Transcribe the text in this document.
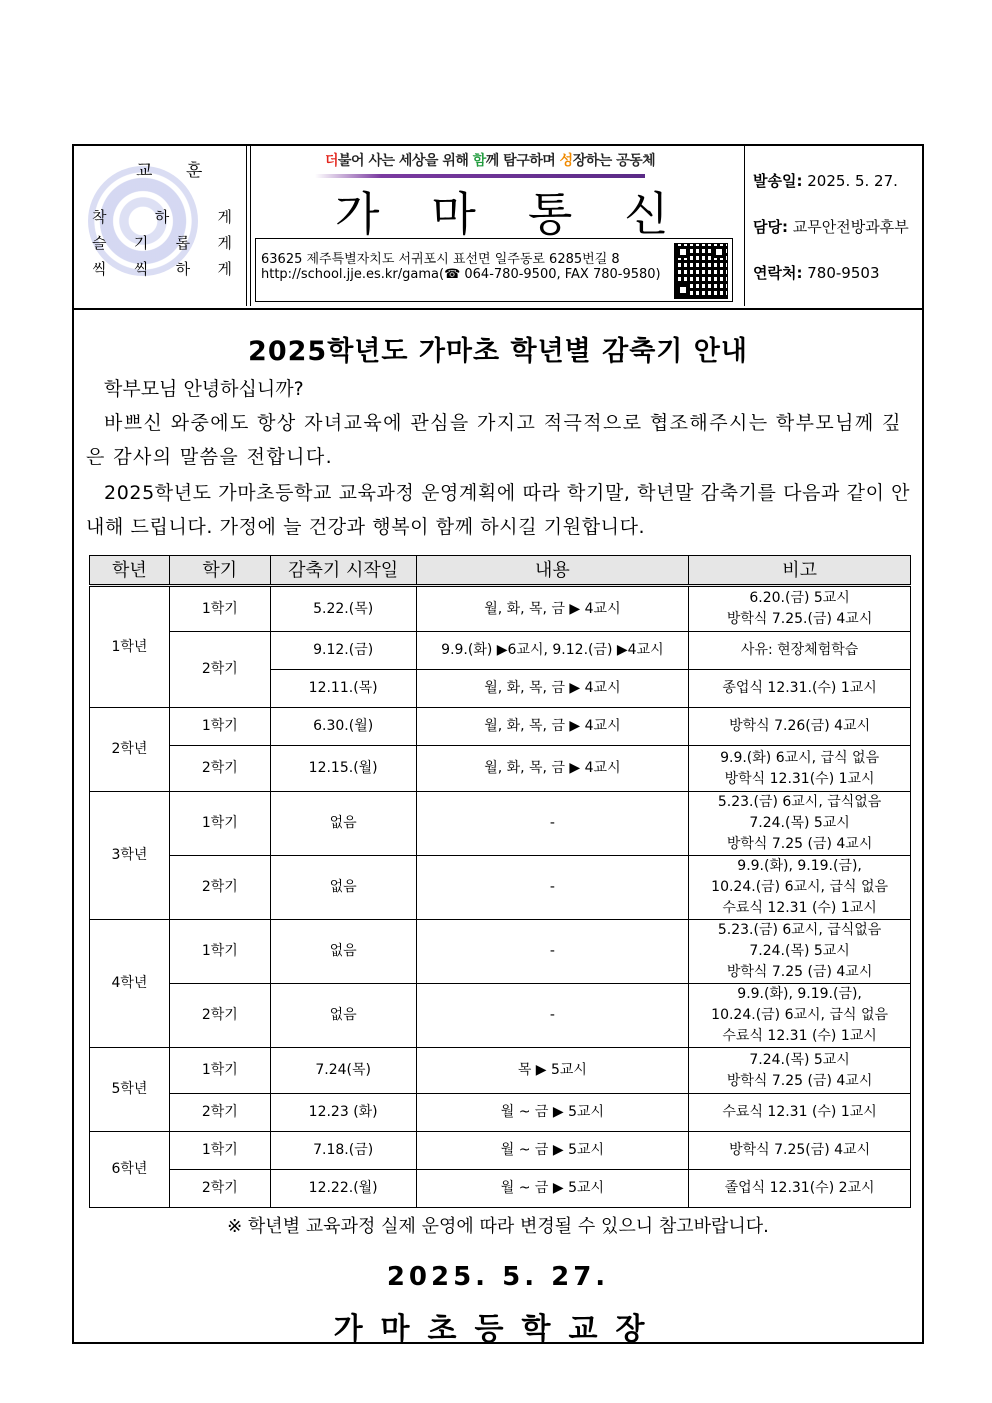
교 훈
착	하	게
슬 기 롭 게
씩 씩 하 게
더불어 사는 세상을 위해 함께 탐구하며 성장하는 공동체
가마통신
63625 제주특별자치도 서귀포시 표선면 일주동로 6285번길 8
http://school.jje.es.kr/gama(☎ 064-780-9500, FAX 780-9580)
발송일: 2025. 5. 27.
담당: 교무안전방과후부
연락처: 780-9503
2025학년도 가마초 학년별 감축기 안내
학부모님 안녕하십니까?
바쁘신 와중에도 항상 자녀교육에 관심을 가지고 적극적으로 협조해주시는 학부모님께 깊은 감사의 말씀을 전합니다.
2025학년도 가마초등학교 교육과정 운영계획에 따라 학기말, 학년말 감축기를 다음과 같이 안내해 드립니다. 가정에 늘 건강과 행복이 함께 하시길 기원합니다.
학년	학기	감축기 시작일	내용	비고
1학년	1학기	5.22.(목)	월, 화, 목, 금 ▶ 4교시	6.20.(금) 5교시
방학식 7.25.(금) 4교시

	2학기	9.12.(금)	9.9.(화) ▶6교시, 9.12.(금) ▶4교시	사유: 현장체험학습

		12.11.(목)	월, 화, 목, 금 ▶ 4교시	종업식 12.31.(수) 1교시

2학년	1학기	6.30.(월)	월, 화, 목, 금 ▶ 4교시	방학식 7.26(금) 4교시

	2학기	12.15.(월)	월, 화, 목, 금 ▶ 4교시	9.9.(화) 6교시, 급식 없음
방학식 12.31(수) 1교시

3학년	1학기	없음	-	5.23.(금) 6교시, 급식없음
7.24.(목) 5교시
방학식 7.25 (금) 4교시

	2학기	없음	-	9.9.(화), 9.19.(금),
10.24.(금) 6교시, 급식 없음
수료식 12.31 (수) 1교시

4학년	1학기	없음	-	5.23.(금) 6교시, 급식없음
7.24.(목) 5교시
방학식 7.25 (금) 4교시

	2학기	없음	-	9.9.(화), 9.19.(금),
10.24.(금) 6교시, 급식 없음
수료식 12.31 (수) 1교시

5학년	1학기	7.24(목)	목 ▶ 5교시	7.24.(목) 5교시
방학식 7.25 (금) 4교시

	2학기	12.23 (화)	월 ~ 금 ▶ 5교시	수료식 12.31 (수) 1교시

6학년	1학기	7.18.(금)	월 ~ 금 ▶ 5교시	방학식 7.25(금) 4교시

	2학기	12.22.(월)	월 ~ 금 ▶ 5교시	졸업식 12.31(수) 2교시
※ 학년별 교육과정 실제 운영에 따라 변경될 수 있으니 참고바랍니다.
2025. 5. 27.
가마초등학교장
